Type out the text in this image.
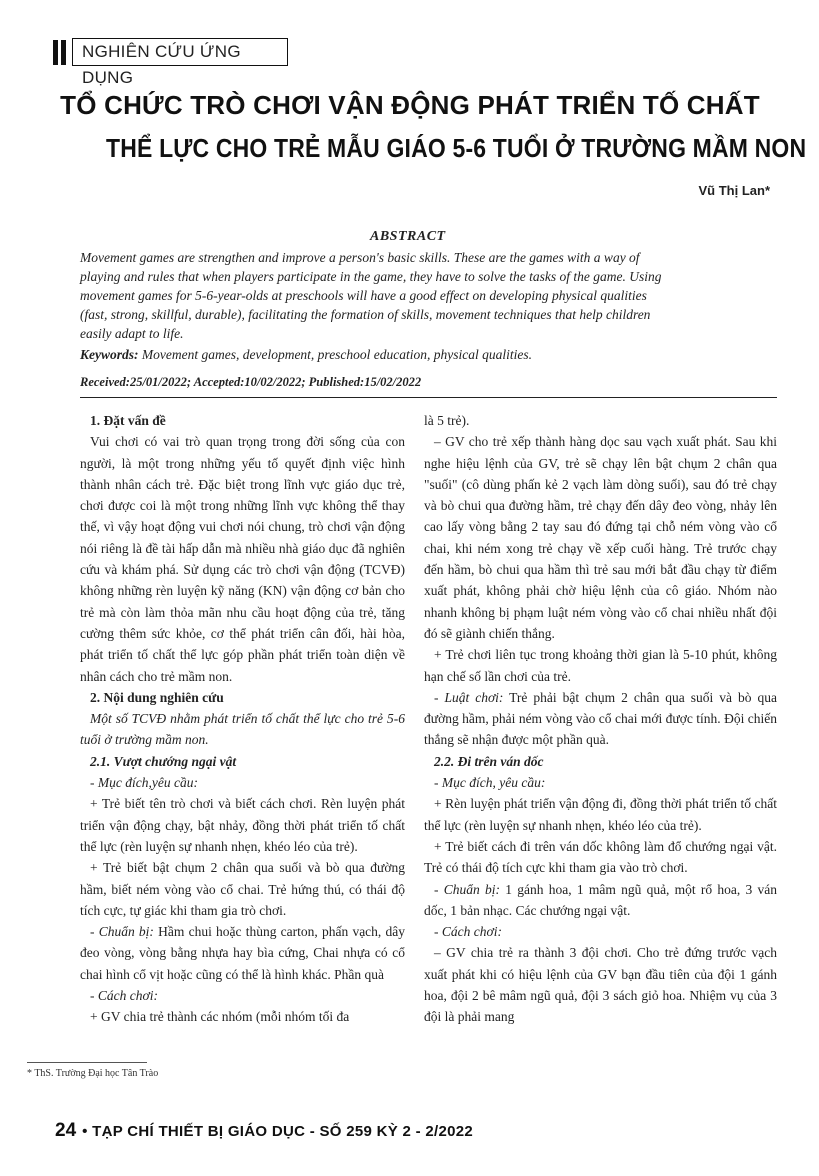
NGHIÊN CỨU ỨNG DỤNG
TỔ CHỨC TRÒ CHƠI VẬN ĐỘNG PHÁT TRIỂN TỐ CHẤT
THỂ LỰC CHO TRẺ MẪU GIÁO 5-6 TUỔI Ở TRƯỜNG MẦM NON
Vũ Thị Lan*
ABSTRACT
Movement games are strengthen and improve a person's basic skills. These are the games with a way of
playing and rules that when players participate in the game, they have to solve the tasks of the game. Using
movement games for 5-6-year-olds at preschools will have a good effect on developing physical qualities
(fast, strong, skillful, durable), facilitating the formation of skills, movement techniques that help children
easily adapt to life.
Keywords: Movement games, development, preschool education, physical qualities.
Received:25/01/2022; Accepted:10/02/2022; Published:15/02/2022
1. Đặt vấn đề
Vui chơi có vai trò quan trọng trong đời sống của con người, là một trong những yếu tố quyết định việc hình thành nhân cách trẻ. Đặc biệt trong lĩnh vực giáo dục trẻ, chơi được coi là một trong những lĩnh vực không thể thay thế, vì vậy hoạt động vui chơi nói chung, trò chơi vận động nói riêng là đề tài hấp dẫn mà nhiều nhà giáo dục đã nghiên cứu và khám phá. Sử dụng các trò chơi vận động (TCVĐ) không những rèn luyện kỹ năng (KN) vận động cơ bản cho trẻ mà còn làm thỏa mãn nhu cầu hoạt động của trẻ, tăng cường thêm sức khỏe, cơ thể phát triển cân đối, hài hòa, phát triển tố chất thể lực góp phần phát triển toàn diện về nhân cách cho trẻ mầm non.
2. Nội dung nghiên cứu
Một số TCVĐ nhằm phát triển tố chất thể lực cho trẻ 5-6 tuổi ở trường mầm non.
2.1. Vượt chướng ngại vật
- Mục đích,yêu cầu:
+ Trẻ biết tên trò chơi và biết cách chơi. Rèn luyện phát triển vận động chạy, bật nhảy, đồng thời phát triển tố chất thể lực (rèn luyện sự nhanh nhẹn, khéo léo của trẻ).
+ Trẻ biết bật chụm 2 chân qua suối và bò qua đường hầm, biết ném vòng vào cổ chai. Trẻ hứng thú, có thái độ tích cực, tự giác khi tham gia trò chơi.
- Chuẩn bị: Hầm chui hoặc thùng carton, phấn vạch, dây đeo vòng, vòng bằng nhựa hay bìa cứng, Chai nhựa có cổ chai hình cổ vịt hoặc cũng có thể là hình khác. Phần quà
- Cách chơi:
+ GV chia trẻ thành các nhóm (mỗi nhóm tối đa
là 5 trẻ).
– GV cho trẻ xếp thành hàng dọc sau vạch xuất phát. Sau khi nghe hiệu lệnh của GV, trẻ sẽ chạy lên bật chụm 2 chân qua "suối" (cô dùng phấn kẻ 2 vạch làm dòng suối), sau đó trẻ chạy và bò chui qua đường hầm, trẻ chạy đến dây đeo vòng, nhảy lên cao lấy vòng bằng 2 tay sau đó đứng tại chỗ ném vòng vào cổ chai, khi ném xong trẻ chạy về xếp cuối hàng. Trẻ trước chạy đến hầm, bò chui qua hầm thì trẻ sau mới bắt đầu chạy từ điểm xuất phát, không phải chờ hiệu lệnh của cô giáo. Nhóm nào nhanh không bị phạm luật ném vòng vào cổ chai nhiều nhất đội đó sẽ giành chiến thắng.
+ Trẻ chơi liên tục trong khoảng thời gian là 5-10 phút, không hạn chế số lần chơi của trẻ.
- Luật chơi: Trẻ phải bật chụm 2 chân qua suối và bò qua đường hầm, phải ném vòng vào cổ chai mới được tính. Đội chiến thắng sẽ nhận được một phần quà.
2.2. Đi trên ván dốc
- Mục đích, yêu cầu:
+ Rèn luyện phát triển vận động đi, đồng thời phát triển tố chất thể lực (rèn luyện sự nhanh nhẹn, khéo léo của trẻ).
+ Trẻ biết cách đi trên ván dốc không làm đổ chướng ngại vật. Trẻ có thái độ tích cực khi tham gia vào trò chơi.
- Chuẩn bị: 1 gánh hoa, 1 mâm ngũ quả, một rổ hoa, 3 ván dốc, 1 bản nhạc. Các chướng ngại vật.
- Cách chơi:
– GV chia trẻ ra thành 3 đội chơi. Cho trẻ đứng trước vạch xuất phát khi có hiệu lệnh của GV bạn đầu tiên của đội 1 gánh hoa, đội 2 bê mâm ngũ quả, đội 3 sách giỏ hoa. Nhiệm vụ của 3 đội là phải mang
* ThS. Trường Đại học Tân Trào
24 • TẠP CHÍ THIẾT BỊ GIÁO DỤC - SỐ 259 KỲ 2 - 2/2022
